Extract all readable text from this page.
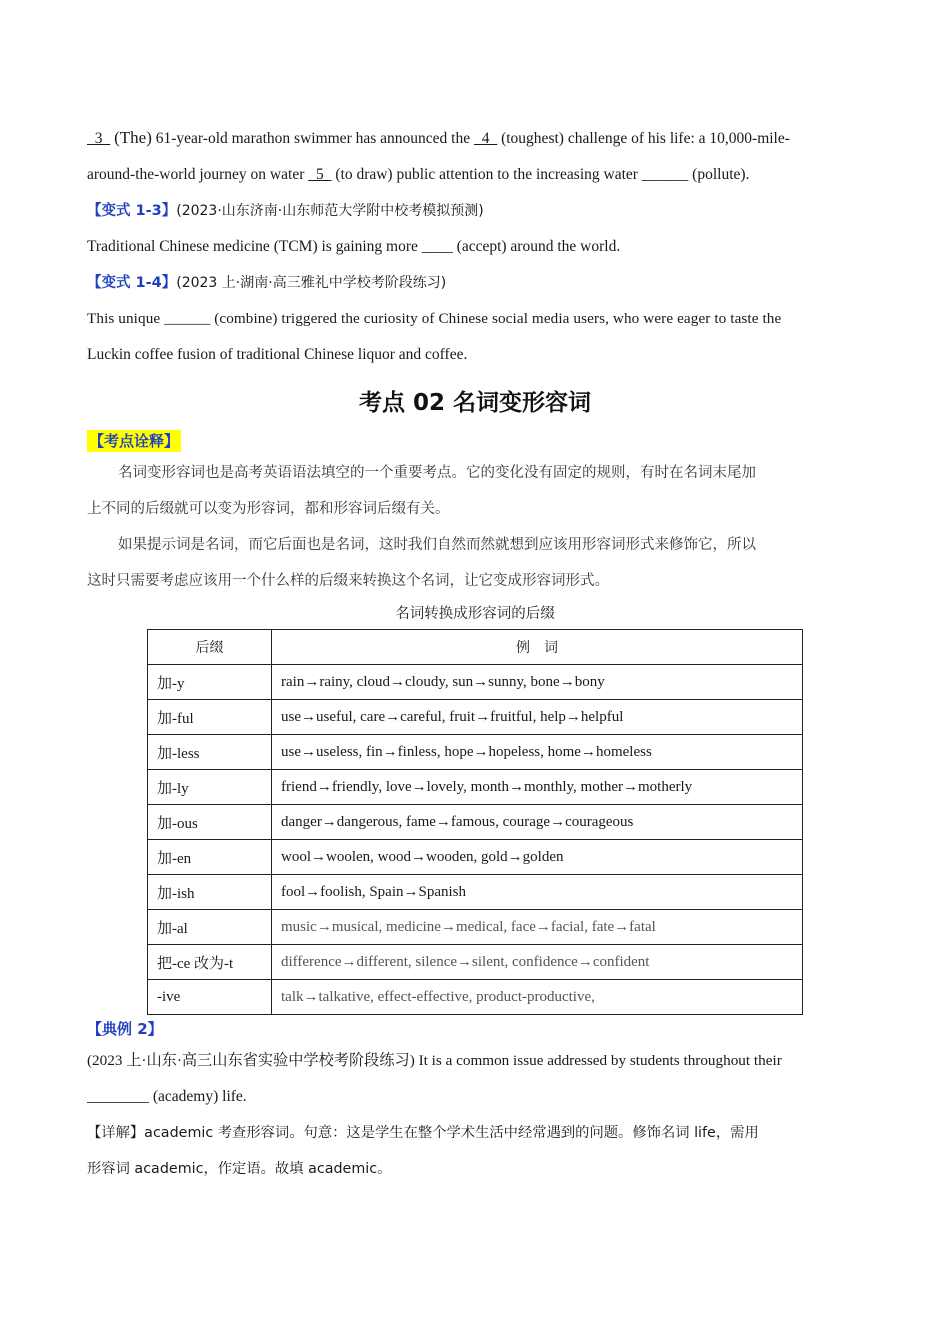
3 (The) 61-year-old marathon swimmer has announced the   4   (toughest) challenge of his life: a 10,000-mile-
around-the-world journey on water   5   (to draw) public attention to the increasing water ______ (pollute).
【变式 1-3】(2023·山东济南·山东师范大学附中校考模拟预测)
Traditional Chinese medicine (TCM) is gaining more ____ (accept) around the world.
【变式 1-4】(2023 上·湖南·高三雅礼中学校考阶段练习)
This unique ______ (combine) triggered the curiosity of Chinese social media users, who were eager to taste the
Luckin coffee fusion of traditional Chinese liquor and coffee.
考点 02 名词变形容词
【考点诠释】
名词变形容词也是高考英语语法填空的一个重要考点。它的变化没有固定的规则，有时在名词末尾加
上不同的后缀就可以变为形容词，都和形容词后缀有关。
如果提示词是名词，而它后面也是名词，这时我们自然而然就想到应该用形容词形式来修饰它，所以
这时只需要考虑应该用一个什么样的后缀来转换这个名词，让它变成形容词形式。
名词转换成形容词的后缀
后缀	例　词
加-y	rain→rainy, cloud→cloudy, sun→sunny, bone→bony
加-ful	use→useful, care→careful, fruit→fruitful, help→helpful
加-less	use→useless, fin→finless, hope→hopeless, home→homeless
加-ly	friend→friendly, love→lovely, month→monthly, mother→motherly
加-ous	danger→dangerous, fame→famous, courage→courageous
加-en	wool→woolen, wood→wooden, gold→golden
加-ish	fool→foolish, Spain→Spanish
加-al	music→musical, medicine→medical, face→facial, fate→fatal
把-ce 改为-t	difference→different, silence→silent, confidence→confident
-ive	talk→talkative, effect-effective, product-productive,
【典例 2】
(2023 上·山东·高三山东省实验中学校考阶段练习) It is a common issue addressed by students throughout their
________ (academy) life.
【详解】academic 考查形容词。句意：这是学生在整个学术生活中经常遇到的问题。修饰名词 life，需用
形容词 academic，作定语。故填 academic。
